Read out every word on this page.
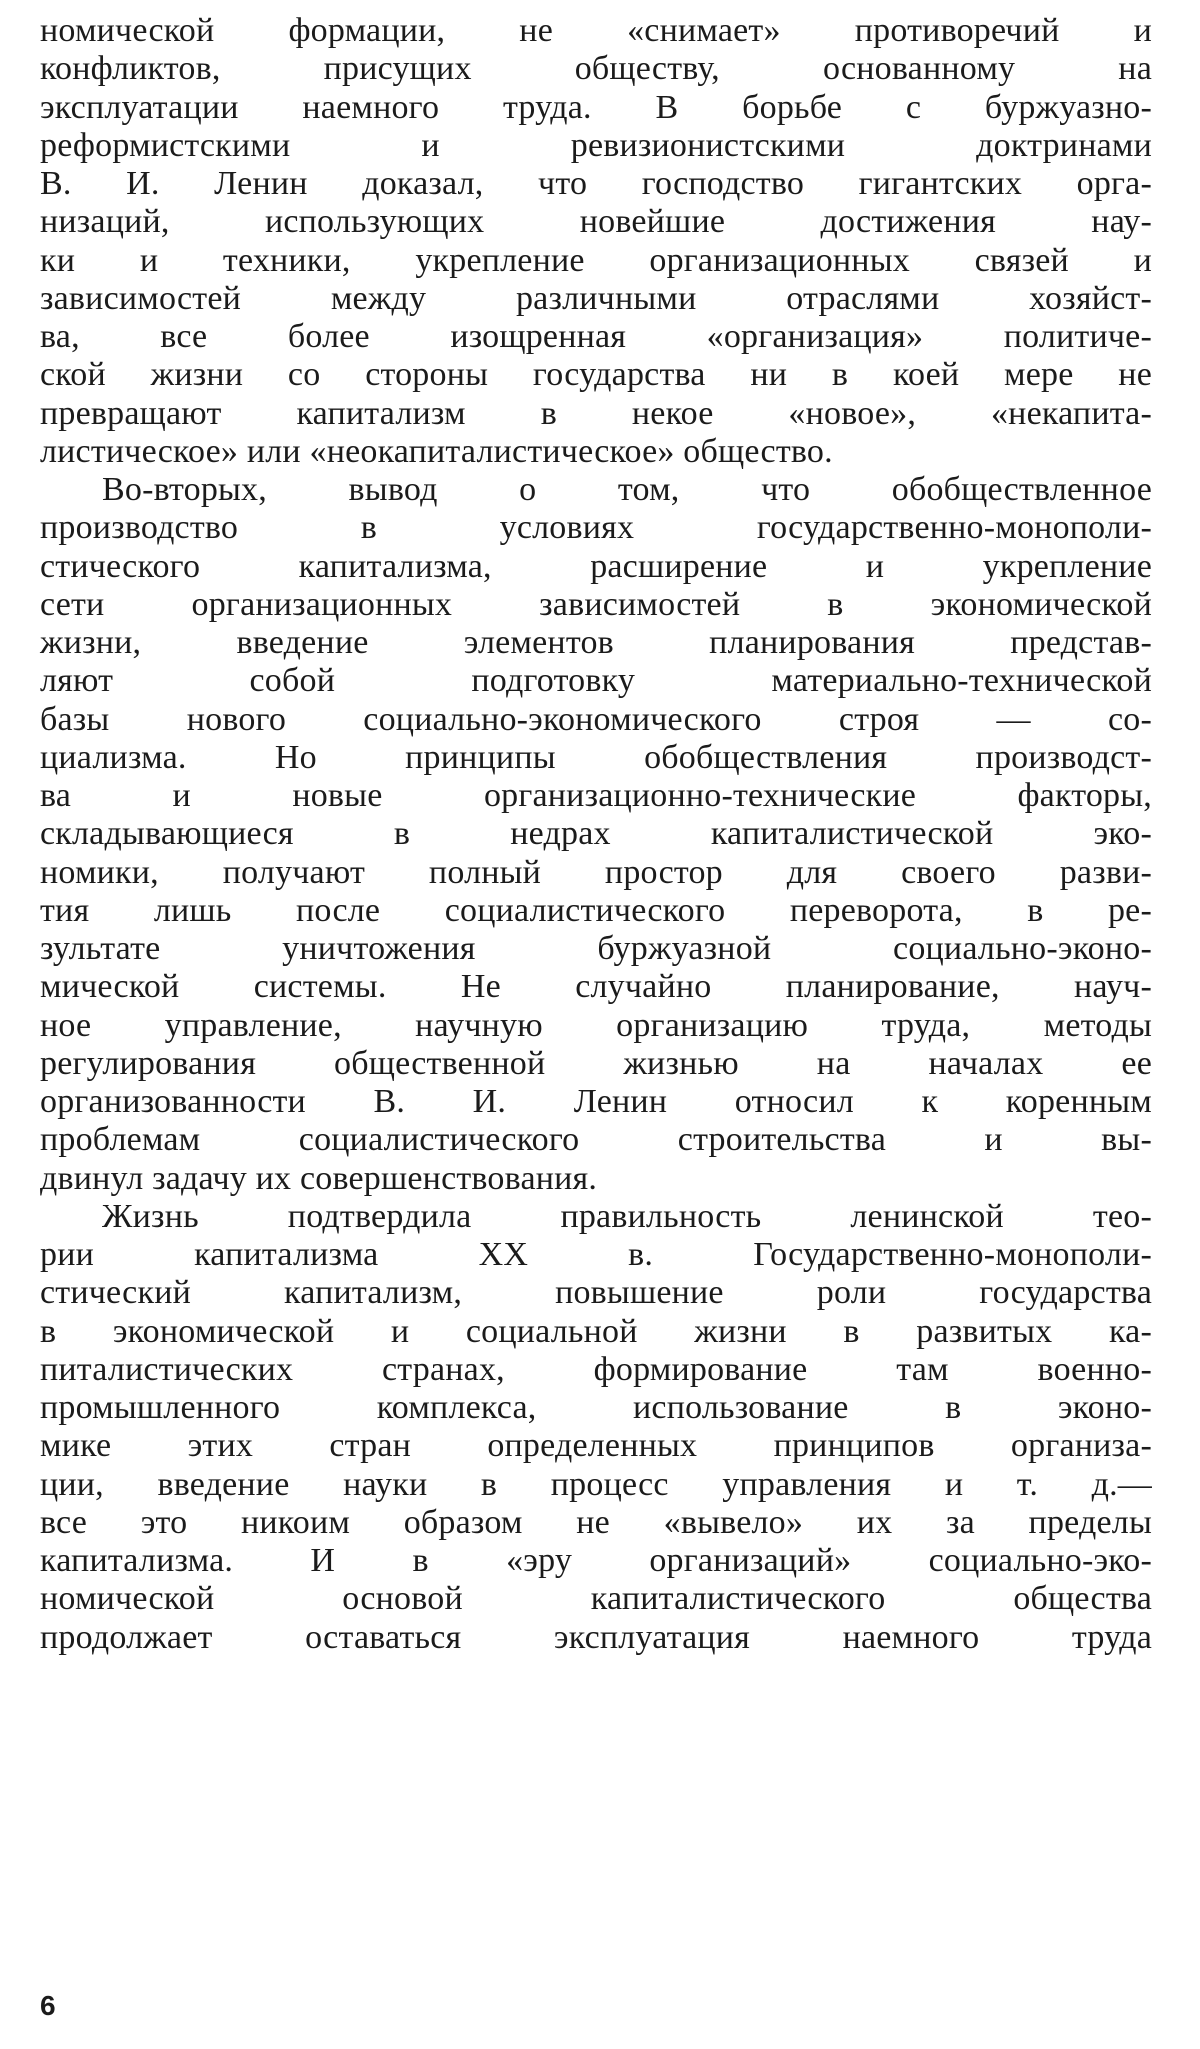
номической формации, не «снимает» противоречий и
конфликтов, присущих обществу, основанному на
эксплуатации наемного труда. В борьбе с буржуазно-
реформистскими и ревизионистскими доктринами
В. И. Ленин доказал, что господство гигантских орга-
низаций, использующих новейшие достижения нау-
ки и техники, укрепление организационных связей и
зависимостей между различными отраслями хозяйст-
ва, все более изощренная «организация» политиче-
ской жизни со стороны государства ни в коей мере не
превращают капитализм в некое «новое», «некапита-
листическое» или «неокапиталистическое» общество.
Во-вторых, вывод о том, что обобществленное
производство в условиях государственно-монополи-
стического капитализма, расширение и укрепление
сети организационных зависимостей в экономической
жизни, введение элементов планирования представ-
ляют собой подготовку материально-технической
базы нового социально-экономического строя — со-
циализма. Но принципы обобществления производст-
ва и новые организационно-технические факторы,
складывающиеся в недрах капиталистической эко-
номики, получают полный простор для своего разви-
тия лишь после социалистического переворота, в ре-
зультате уничтожения буржуазной социально-эконо-
мической системы. Не случайно планирование, науч-
ное управление, научную организацию труда, методы
регулирования общественной жизнью на началах ее
организованности В. И. Ленин относил к коренным
проблемам социалистического строительства и вы-
двинул задачу их совершенствования.
Жизнь подтвердила правильность ленинской тео-
рии капитализма XX в. Государственно-монополи-
стический капитализм, повышение роли государства
в экономической и социальной жизни в развитых ка-
питалистических странах, формирование там военно-
промышленного комплекса, использование в эконо-
мике этих стран определенных принципов организа-
ции, введение науки в процесс управления и т. д.—
все это никоим образом не «вывело» их за пределы
капитализма. И в «эру организаций» социально-эко-
номической основой капиталистического общества
продолжает оставаться эксплуатация наемного труда
6
